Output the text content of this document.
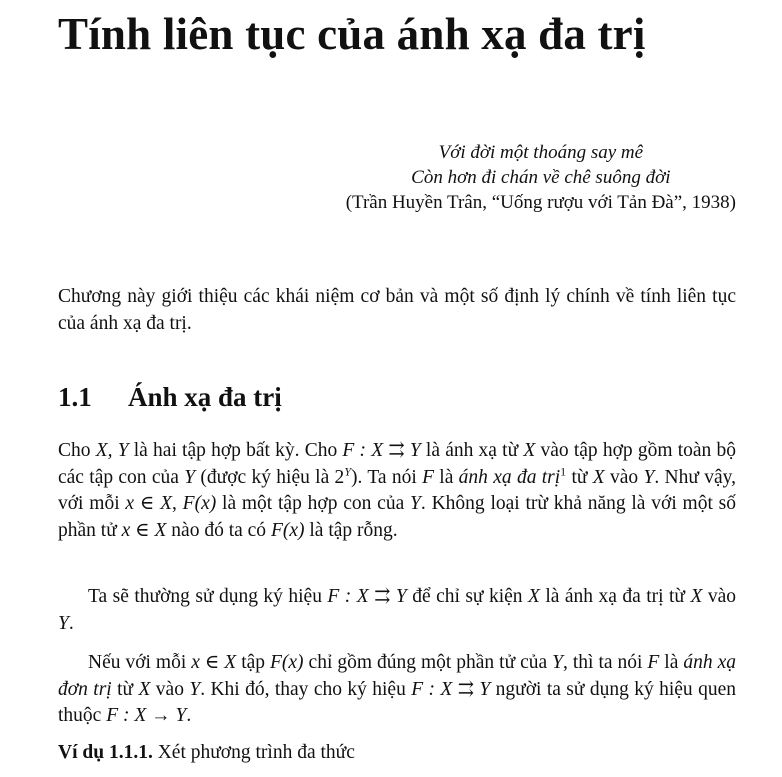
Tính liên tục của ánh xạ đa trị
Với đời một thoáng say mê
Còn hơn đi chán về chê suông đời
(Trần Huyền Trân, “Uống rượu với Tản Đà”, 1938)

Chương này giới thiệu các khái niệm cơ bản và một số định lý chính về tính liên tục của ánh xạ đa trị.

1.1 Ánh xạ đa trị

Cho X, Y là hai tập hợp bất kỳ. Cho F : X ⇉ Y là ánh xạ từ X vào tập hợp gồm toàn bộ các tập con của Y (được ký hiệu là $2^Y$). Ta nói F là ánh xạ đa trị$^1$ từ X vào Y. Như vậy, với mỗi x ∈ X, F(x) là một tập hợp con của Y. Không loại trừ khả năng là với một số phần tử x ∈ X nào đó ta có F(x) là tập rỗng.

Ta sẽ thường sử dụng ký hiệu F : X ⇉ Y để chỉ sự kiện X là ánh xạ đa trị từ X vào Y.

Nếu với mỗi x ∈ X tập F(x) chỉ gồm đúng một phần tử của Y, thì ta nói F là ánh xạ đơn trị từ X vào Y. Khi đó, thay cho ký hiệu F : X ⇉ Y người ta sử dụng ký hiệu quen thuộc F : X → Y.

Ví dụ 1.1.1. Xét phương trình đa thức
